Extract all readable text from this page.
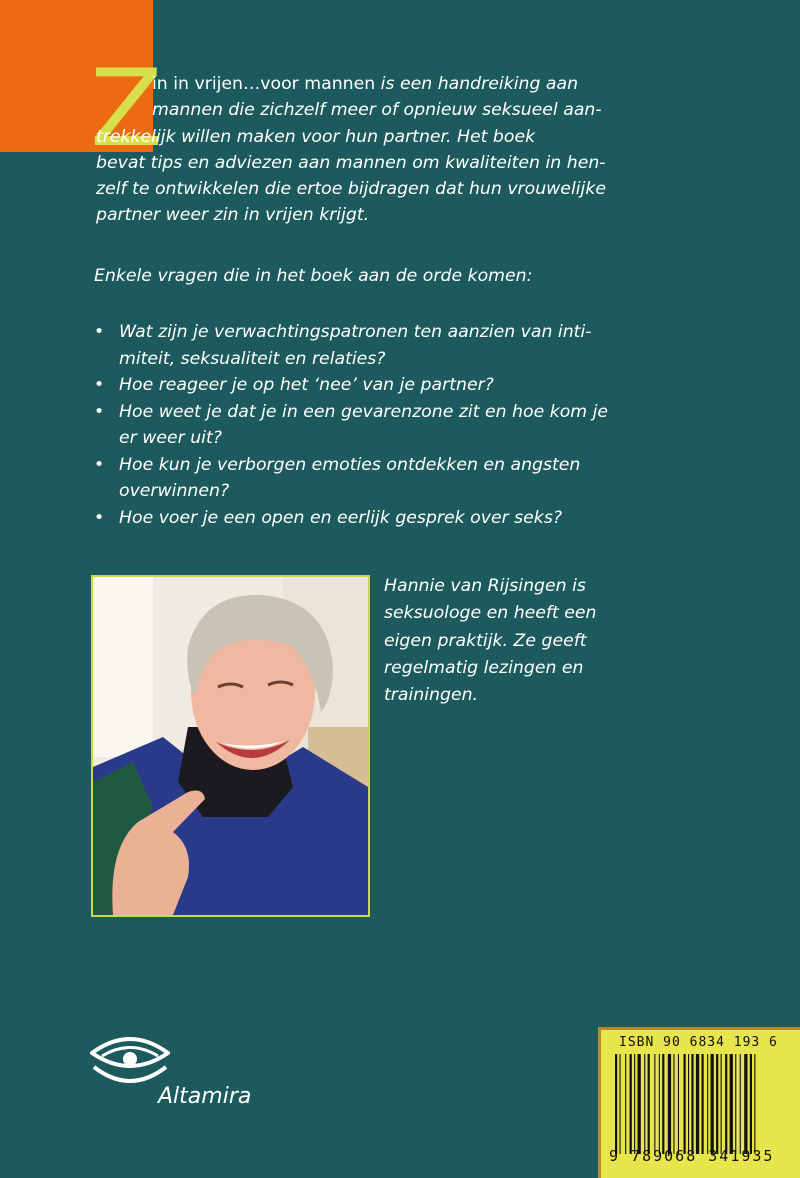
Z
in in vrijen…voor mannen is een handreiking aan
mannen die zichzelf meer of opnieuw seksueel aan-
trekkelijk willen maken voor hun partner. Het boek
bevat tips en adviezen aan mannen om kwaliteiten in hen-
zelf te ontwikkelen die ertoe bijdragen dat hun vrouwelijke
partner weer zin in vrijen krijgt.
Enkele vragen die in het boek aan de orde komen:
• Wat zijn je verwachtingspatronen ten aanzien van inti-
miteit, seksualiteit en relaties?
• Hoe reageer je op het ‘nee’ van je partner?
• Hoe weet je dat je in een gevarenzone zit en hoe kom je
er weer uit?
• Hoe kun je verborgen emoties ontdekken en angsten
overwinnen?
• Hoe voer je een open en eerlijk gesprek over seks?
Hannie van Rijsingen is
seksuologe en heeft een
eigen praktijk. Ze geeft
regelmatig lezingen en
trainingen.
Altamira
ISBN 90 6834 193 6
9 789068 341935
